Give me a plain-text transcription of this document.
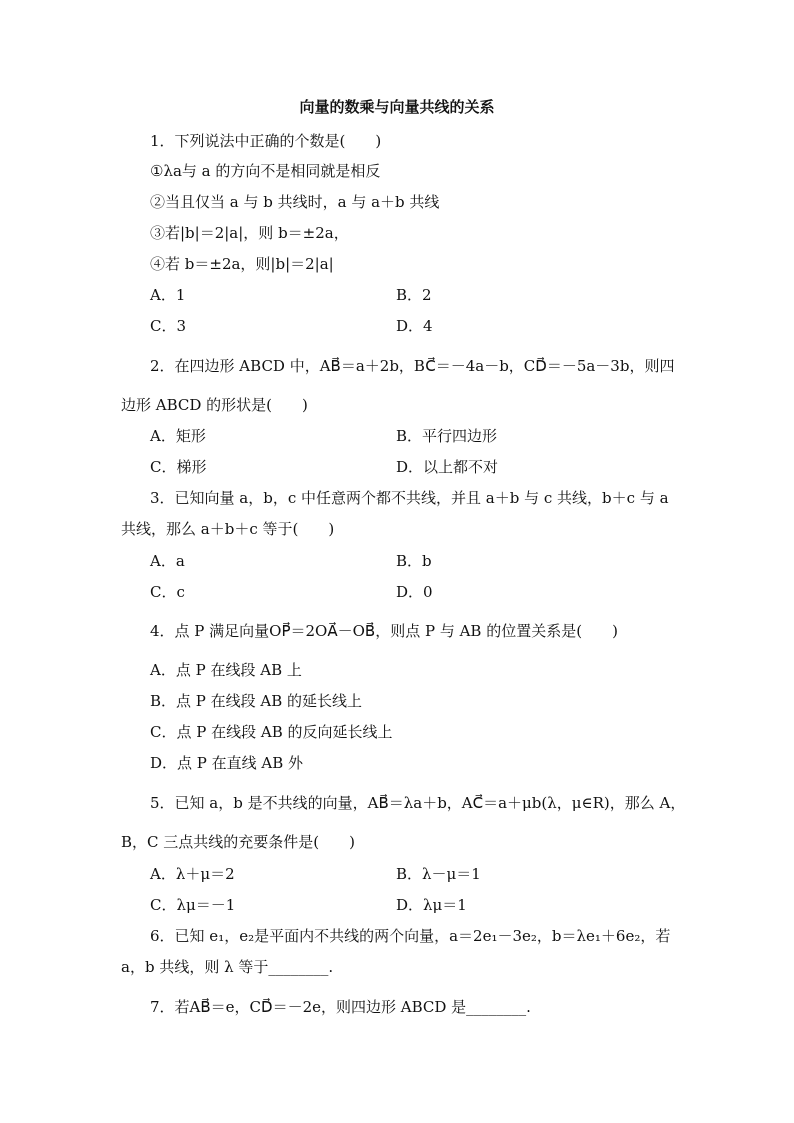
向量的数乘与向量共线的关系
1．下列说法中正确的个数是(　　)
①λa与 a 的方向不是相同就是相反
②当且仅当 a 与 b 共线时，a 与 a＋b 共线
③若|b|＝2|a|，则 b＝±2a，
④若 b＝±2a，则|b|＝2|a|
A．1	B．2
C．3	D．4
2．在四边形 ABCD 中，AB⃗＝a＋2b，BC⃗＝－4a－b，CD⃗＝－5a－3b，则四
边形 ABCD 的形状是(　　)
A．矩形	B．平行四边形
C．梯形	D．以上都不对
3．已知向量 a，b，c 中任意两个都不共线，并且 a＋b 与 c 共线，b＋c 与 a
共线，那么 a＋b＋c 等于(　　)
A．a	B．b
C．c	D．0
4．点 P 满足向量OP⃗＝2OA⃗－OB⃗，则点 P 与 AB 的位置关系是(　　)
A．点 P 在线段 AB 上
B．点 P 在线段 AB 的延长线上
C．点 P 在线段 AB 的反向延长线上
D．点 P 在直线 AB 外
5．已知 a，b 是不共线的向量，AB⃗＝λa＋b，AC⃗＝a＋μb(λ，μ∈R)，那么 A，
B，C 三点共线的充要条件是(　　)
A．λ＋μ＝2	B．λ－μ＝1
C．λμ＝－1	D．λμ＝1
6．已知 e₁，e₂是平面内不共线的两个向量，a＝2e₁－3e₂，b＝λe₁＋6e₂，若
a，b 共线，则 λ 等于________.
7．若AB⃗＝e，CD⃗＝－2e，则四边形 ABCD 是________.
